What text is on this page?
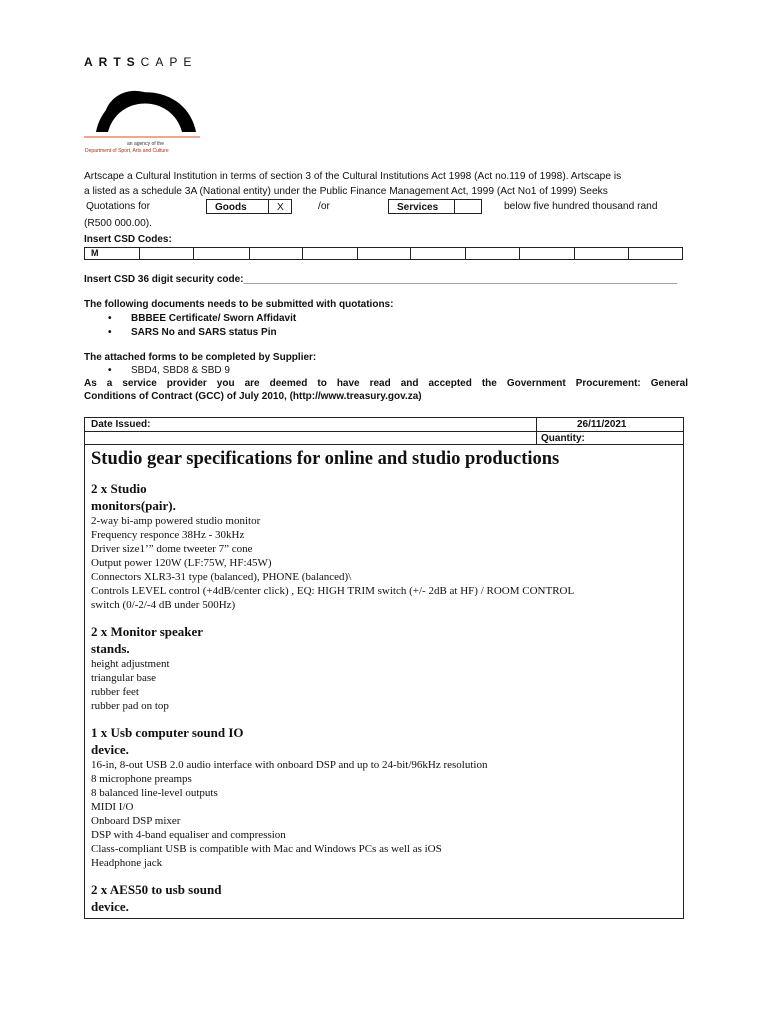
ARTSCAPE
an agency of the
Department of Sport, Arts and Culture
Artscape a Cultural Institution in terms of section 3 of the Cultural Institutions Act 1998 (Act no.119 of 1998). Artscape is
a listed as a schedule 3A (National entity) under the Public Finance Management Act, 1999 (Act No1 of 1999) Seeks
Quotations for	Goods	X	/or	Services	below five hundred thousand rand
(R500 000.00).
Insert CSD Codes:
M
Insert CSD 36 digit security code:______________________________________________________________________________
The following documents needs to be submitted with quotations:
• BBBEE Certificate/ Sworn Affidavit
• SARS No and SARS status Pin
The attached forms to be completed by Supplier:
• SBD4, SBD8 & SBD 9
As a service provider you are deemed to have read and accepted the Government Procurement: General
Conditions of Contract (GCC) of July 2010, (http://www.treasury.gov.za)
Date Issued:	26/11/2021
Quantity:
Studio gear specifications for online and studio productions
2 x Studio
monitors(pair).
2-way bi-amp powered studio monitor
Frequency responce 38Hz - 30kHz
Driver size1’” dome tweeter 7” cone
Output power 120W (LF:75W, HF:45W)
Connectors XLR3-31 type (balanced), PHONE (balanced)\
Controls LEVEL control (+4dB/center click) , EQ: HIGH TRIM switch (+/- 2dB at HF) / ROOM CONTROL
switch (0/-2/-4 dB under 500Hz)
2 x Monitor speaker
stands.
height adjustment
triangular base
rubber feet
rubber pad on top
1 x Usb computer sound IO
device.
16-in, 8-out USB 2.0 audio interface with onboard DSP and up to 24-bit/96kHz resolution
8 microphone preamps
8 balanced line-level outputs
MIDI I/O
Onboard DSP mixer
DSP with 4-band equaliser and compression
Class-compliant USB is compatible with Mac and Windows PCs as well as iOS
Headphone jack
2 x AES50 to usb sound
device.
